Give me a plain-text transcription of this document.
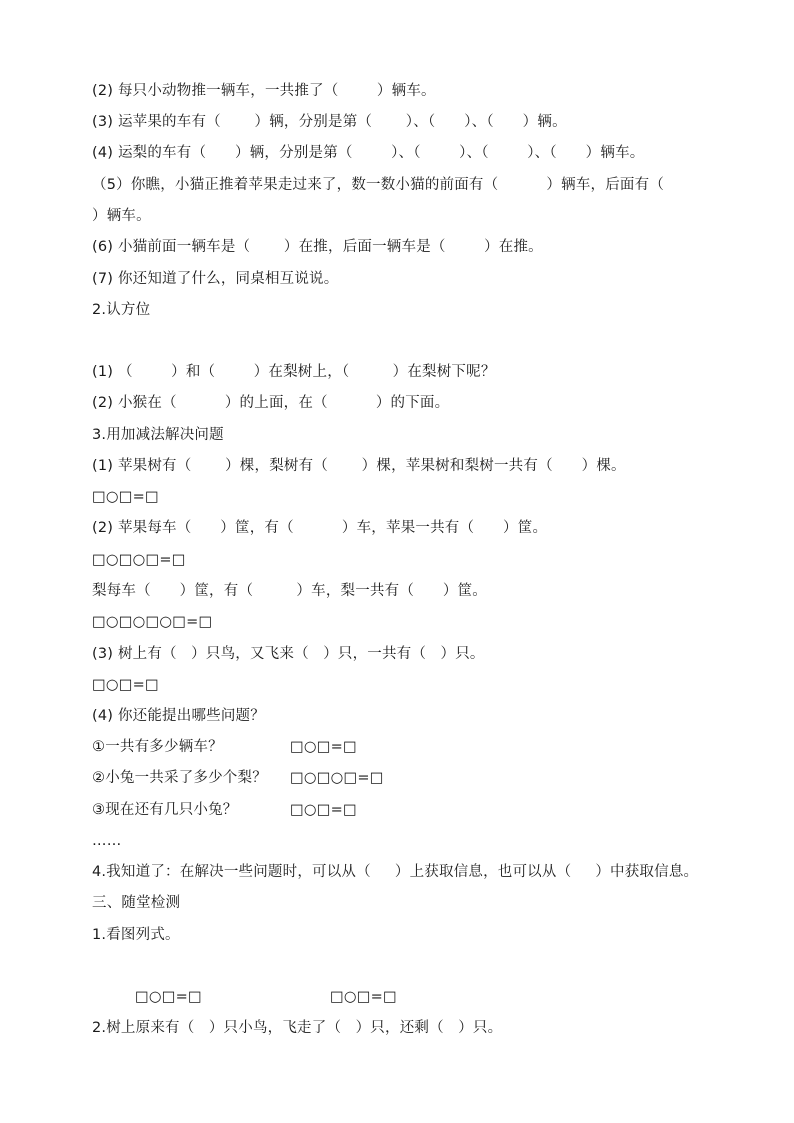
(2) 每只小动物推一辆车，一共推了（        ）辆车。
(3) 运苹果的车有（       ）辆，分别是第（       ）、（      ）、（      ）辆。
(4) 运梨的车有（      ）辆，分别是第（        ）、（        ）、（        ）、（      ）辆车。
（5）你瞧，小猫正推着苹果走过来了，数一数小猫的前面有（          ）辆车，后面有（
）辆车。
(6) 小猫前面一辆车是（       ）在推，后面一辆车是（        ）在推。
(7) 你还知道了什么，同桌相互说说。
2.认方位
(1) （        ）和（        ）在梨树上，（         ）在梨树下呢？
(2) 小猴在（          ）的上面，在（          ）的下面。
3.用加减法解决问题
(1) 苹果树有（       ）棵，梨树有（       ）棵，苹果树和梨树一共有（      ）棵。
□○□=□
(2) 苹果每车（      ）筐，有（          ）车，苹果一共有（      ）筐。
□○□○□=□
梨每车（      ）筐，有（         ）车，梨一共有（      ）筐。
□○□○□○□=□
(3) 树上有（   ）只鸟，又飞来（   ）只，一共有（   ）只。
□○□=□
(4) 你还能提出哪些问题？
①一共有多少辆车？	□○□=□
②小兔一共采了多少个梨？ □○□○□=□
③现在还有几只小兔？	□○□=□
……
4.我知道了：在解决一些问题时，可以从（     ）上获取信息，也可以从（     ）中获取信息。
三、随堂检测
1.看图列式。
□○□=□	□○□=□
2.树上原来有（   ）只小鸟，飞走了（   ）只，还剩（   ）只。
